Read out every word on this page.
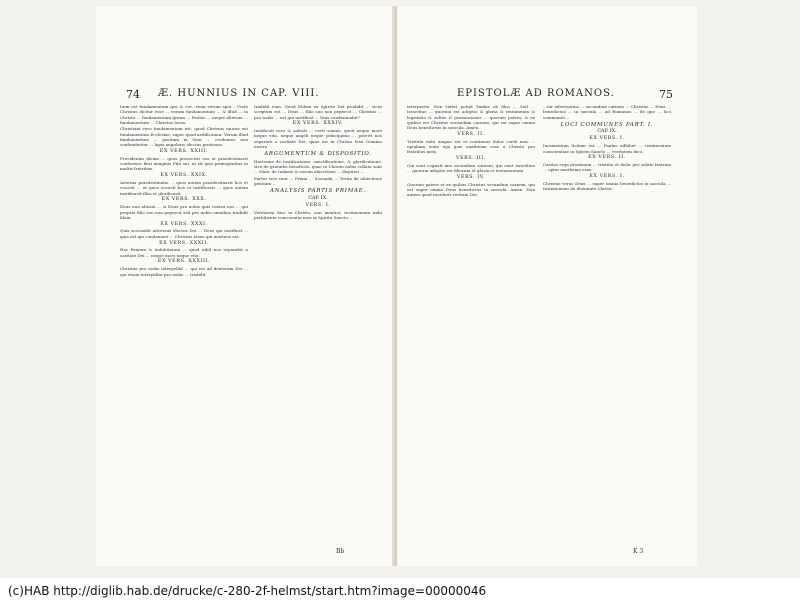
74 Æ. HUNNIUS IN CAP. VIII.

tium est fundamentum ipsi & cre...vinia verum spei... Unde Christus dicitur esse ... verum fundamentum ... & illud ... in Christo ... fundamentum ipsum ... Paulus ... neque alterum ... fundamentum ... Christus Iesus.

Christiani vero fundamentum est, quod Christus unicus est fundamentum Ecclesiae, super quod aedificamur. Verum illud fundamentum ... positum in Sion ... credentes non confundentur ... lapis angularis electus pretiosus.

EX VERS. XXIII.

Providentia divina ... quos praescivit eos et praedestinavit conformes fieri imaginis Filii sui, ut sit ipse primogenitus in multis fratribus.

EX VERS. XXIX.

Aeterna praedestinatio ... quos autem praedestinavit hos et vocavit ... et quos vocavit hos et iustificavit ... quos autem iustificavit illos et glorificavit.

EX VERS. XXX.

Deus non abiciat ... si Deus pro nobis quis contra nos ... qui proprio filio suo non pepercit sed pro nobis omnibus tradidit illum.

EX VERS. XXXI.

Quis accusabit adversus electos Dei ... Deus qui iustificat ... quis est qui condemnet ... Christus Iesus qui mortuus est.

EX VERS. XXXII.

Hoc firmum & indubitatum ... quod nihil nos separabit a caritate Dei ... neque mors neque vita.

EX VERS. XXXIII.

Christus pro nobis interpellat ... qui est ad dexteram Dei ... qui etiam interpellat pro nobis ... tradidit.

tradidit eum. Quod Eidem ex Spiritu Dei prodidit ... sicut scriptum est ... Deus ... filio suo non pepercit ... Christus ... pro nobis ... est qui iustificat ... Quis condemnabit?

EX VERS. XXXIV.

Iustificati vero & salvati ... certi sumus, quod neque mors neque vita, neque angeli neque principatus ... poterit nos separare a caritate Dei, quae est in Christo Iesu Domino nostro.

ARGUMENTUM & DISPOSITIO.

Hactenus de iustificatione, sanctificatione, & glorificatione, sive de gratuitis beneficiis, quae in Christo nobis collata sunt ... Nunc de Iudaeis & eorum abiectione ... disputat ...

Partes tres sunt ... Prima ... Secunda ... Tertia de abiectione gentium ...

ANALYSIS PARTIS PRIMAE.
CAP. IX.
VERS. I.

Veritatem dico in Christo, non mentior, testimonium mihi perhibente conscientia mea in Spiritu Sancto ...

Bb
EPISTOLÆ AD ROMANOS.	75

interpretis. Non videri potuit Paulus ob illos ... Sed ... Israelitae ... quorum est adoptio & gloria & testamenta & legislatio & cultus & promissiones ... quorum patres, & ex quibus est Christus secundum carnem, qui est super omnia Deus benedictus in saecula. Amen.

VERS. II.

Tristitia mihi magna est et continuus dolor cordi meo ... optabam enim ego ipse anathema esse a Christo pro fratribus meis.

VERS. III.

Qui sunt cognati mei secundum carnem, qui sunt Israelitae ... quorum adoptio est filiorum et gloria et testamentum.

VERS. IV.

Quorum patres et ex quibus Christus secundum carnem, qui est super omnia Deus benedictus in saecula. Amen. Non autem quod exciderit verbum Dei.

...tur adversarius ... secundum carnem ... Christus ... Deus ... benedictus ... in saecula ... ad Romanos ... de quo ... loci communes ...

LOCI COMMUNES PART. I.
CAP. IX.
EX VERS. I.

Iuramentum licitum est ... Paulus adhibet ... testimonium conscientiae in Spiritu Sancto ... veritatem dico.

EX VERS. II.

Caritas erga proximum ... tristitia et dolor pro salute fratrum ... optat anathema esse.

EX VERS. I.

Christus verus Deus ... super omnia benedictus in saecula ... testimonium de divinitate Christi.

K 3
(c)HAB http://diglib.hab.de/drucke/c-280-2f-helmst/start.htm?image=00000046
